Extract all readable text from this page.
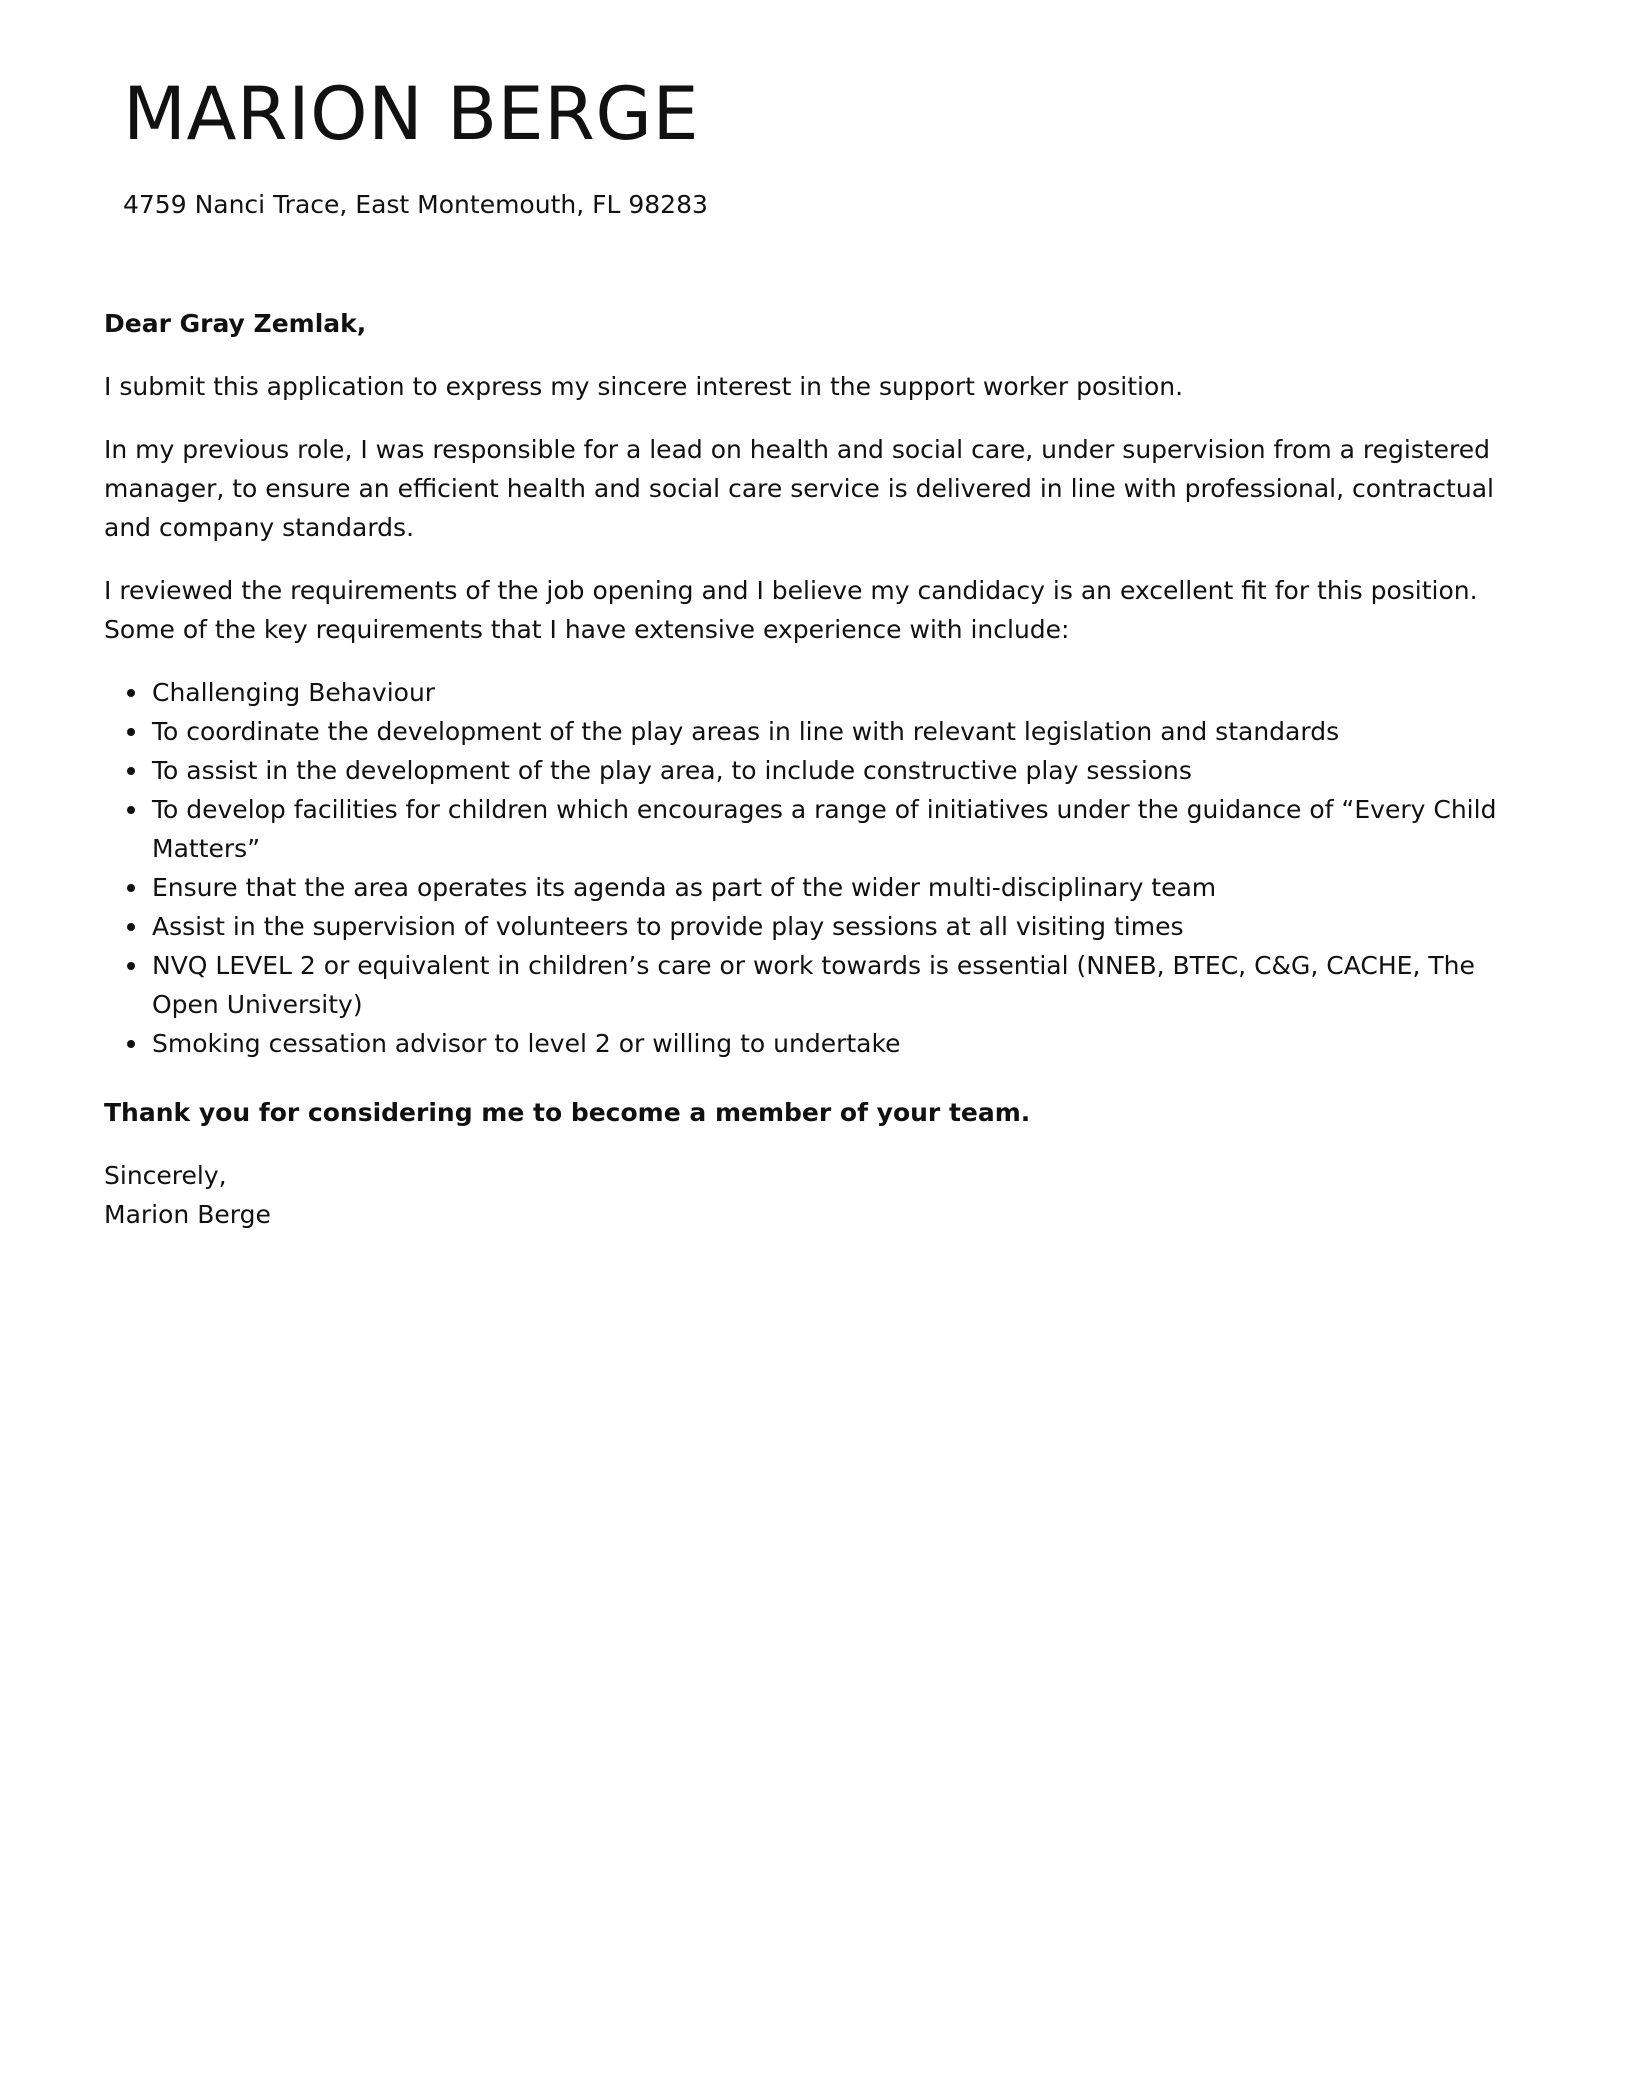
MARION BERGE

4759 Nanci Trace, East Montemouth, FL 98283

Dear Gray Zemlak,

I submit this application to express my sincere interest in the support worker position.

In my previous role, I was responsible for a lead on health and social care, under supervision from a registered manager, to ensure an efficient health and social care service is delivered in line with professional, contractual and company standards.

I reviewed the requirements of the job opening and I believe my candidacy is an excellent fit for this position. Some of the key requirements that I have extensive experience with include:

Challenging Behaviour
To coordinate the development of the play areas in line with relevant legislation and standards
To assist in the development of the play area, to include constructive play sessions
To develop facilities for children which encourages a range of initiatives under the guidance of “Every Child Matters”
Ensure that the area operates its agenda as part of the wider multi-disciplinary team
Assist in the supervision of volunteers to provide play sessions at all visiting times
NVQ LEVEL 2 or equivalent in children’s care or work towards is essential (NNEB, BTEC, C&G, CACHE, The Open University)
Smoking cessation advisor to level 2 or willing to undertake

Thank you for considering me to become a member of your team.

Sincerely,
Marion Berge
